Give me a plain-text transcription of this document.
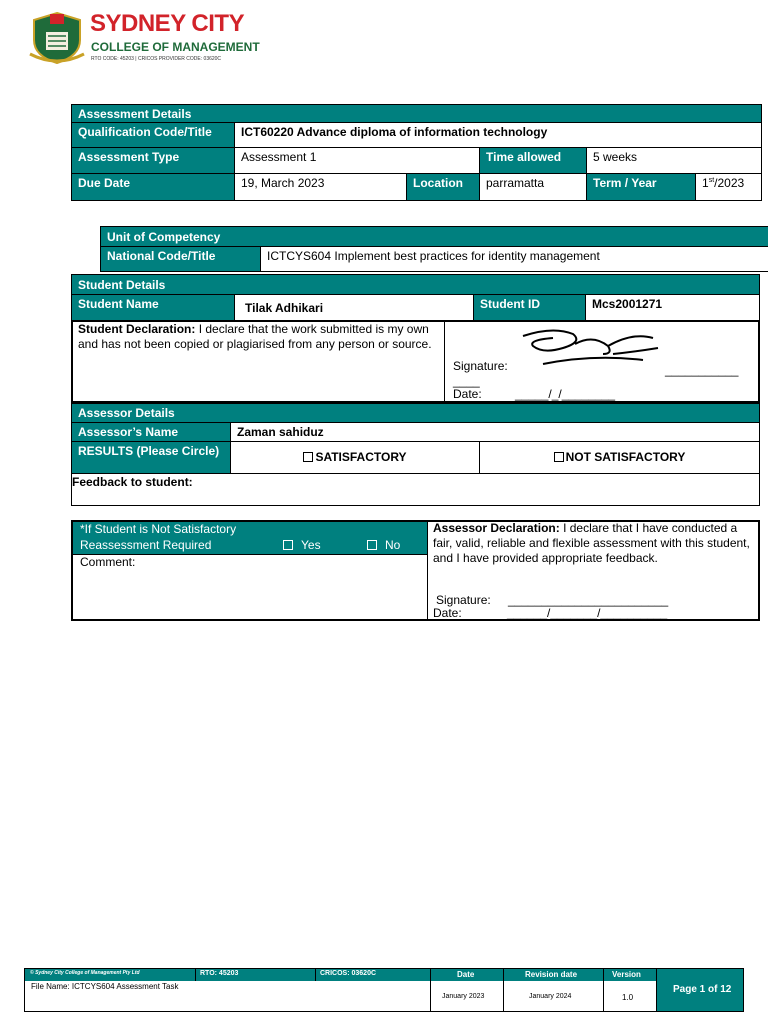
SYDNEY CITY
COLLEGE OF MANAGEMENT
RTO CODE: 45203 | CRICOS PROVIDER CODE: 03620C
Assessment Details
Qualification Code/Title	ICT60220 Advance diploma of information technology
Assessment Type	Assessment 1	Time allowed	5 weeks
Due Date	19, March 2023	Location	parramatta	Term / Year	1st/2023
Unit of Competency
National Code/Title	ICTCYS604 Implement best practices for identity management
Student Details
Student Name	Tilak Adhikari	Student ID	Mcs2001271
Student Declaration: I declare that the work submitted is my own and has not been copied or plagiarised from any person or source.
Signature:	___________
____
Date:	_____/_/________
Assessor Details
Assessor’s Name	Zaman sahiduz
RESULTS (Please Circle)	SATISFACTORY	NOT SATISFACTORY
Feedback to student:
*If Student is Not Satisfactory
Reassessment Required	Yes	No
Comment:
Assessor Declaration: I declare that I have conducted a fair, valid, reliable and flexible assessment with this student, and I have provided appropriate feedback.
Signature: ________________________
Date:	______/_______/__________
© Sydney City College of Management Pty Ltd	RTO: 45203	CRICOS: 03620C	Date	Revision date	Version
File Name: ICTCYS604 Assessment Task
January 2023	January 2024	1.0
Page 1 of 12
